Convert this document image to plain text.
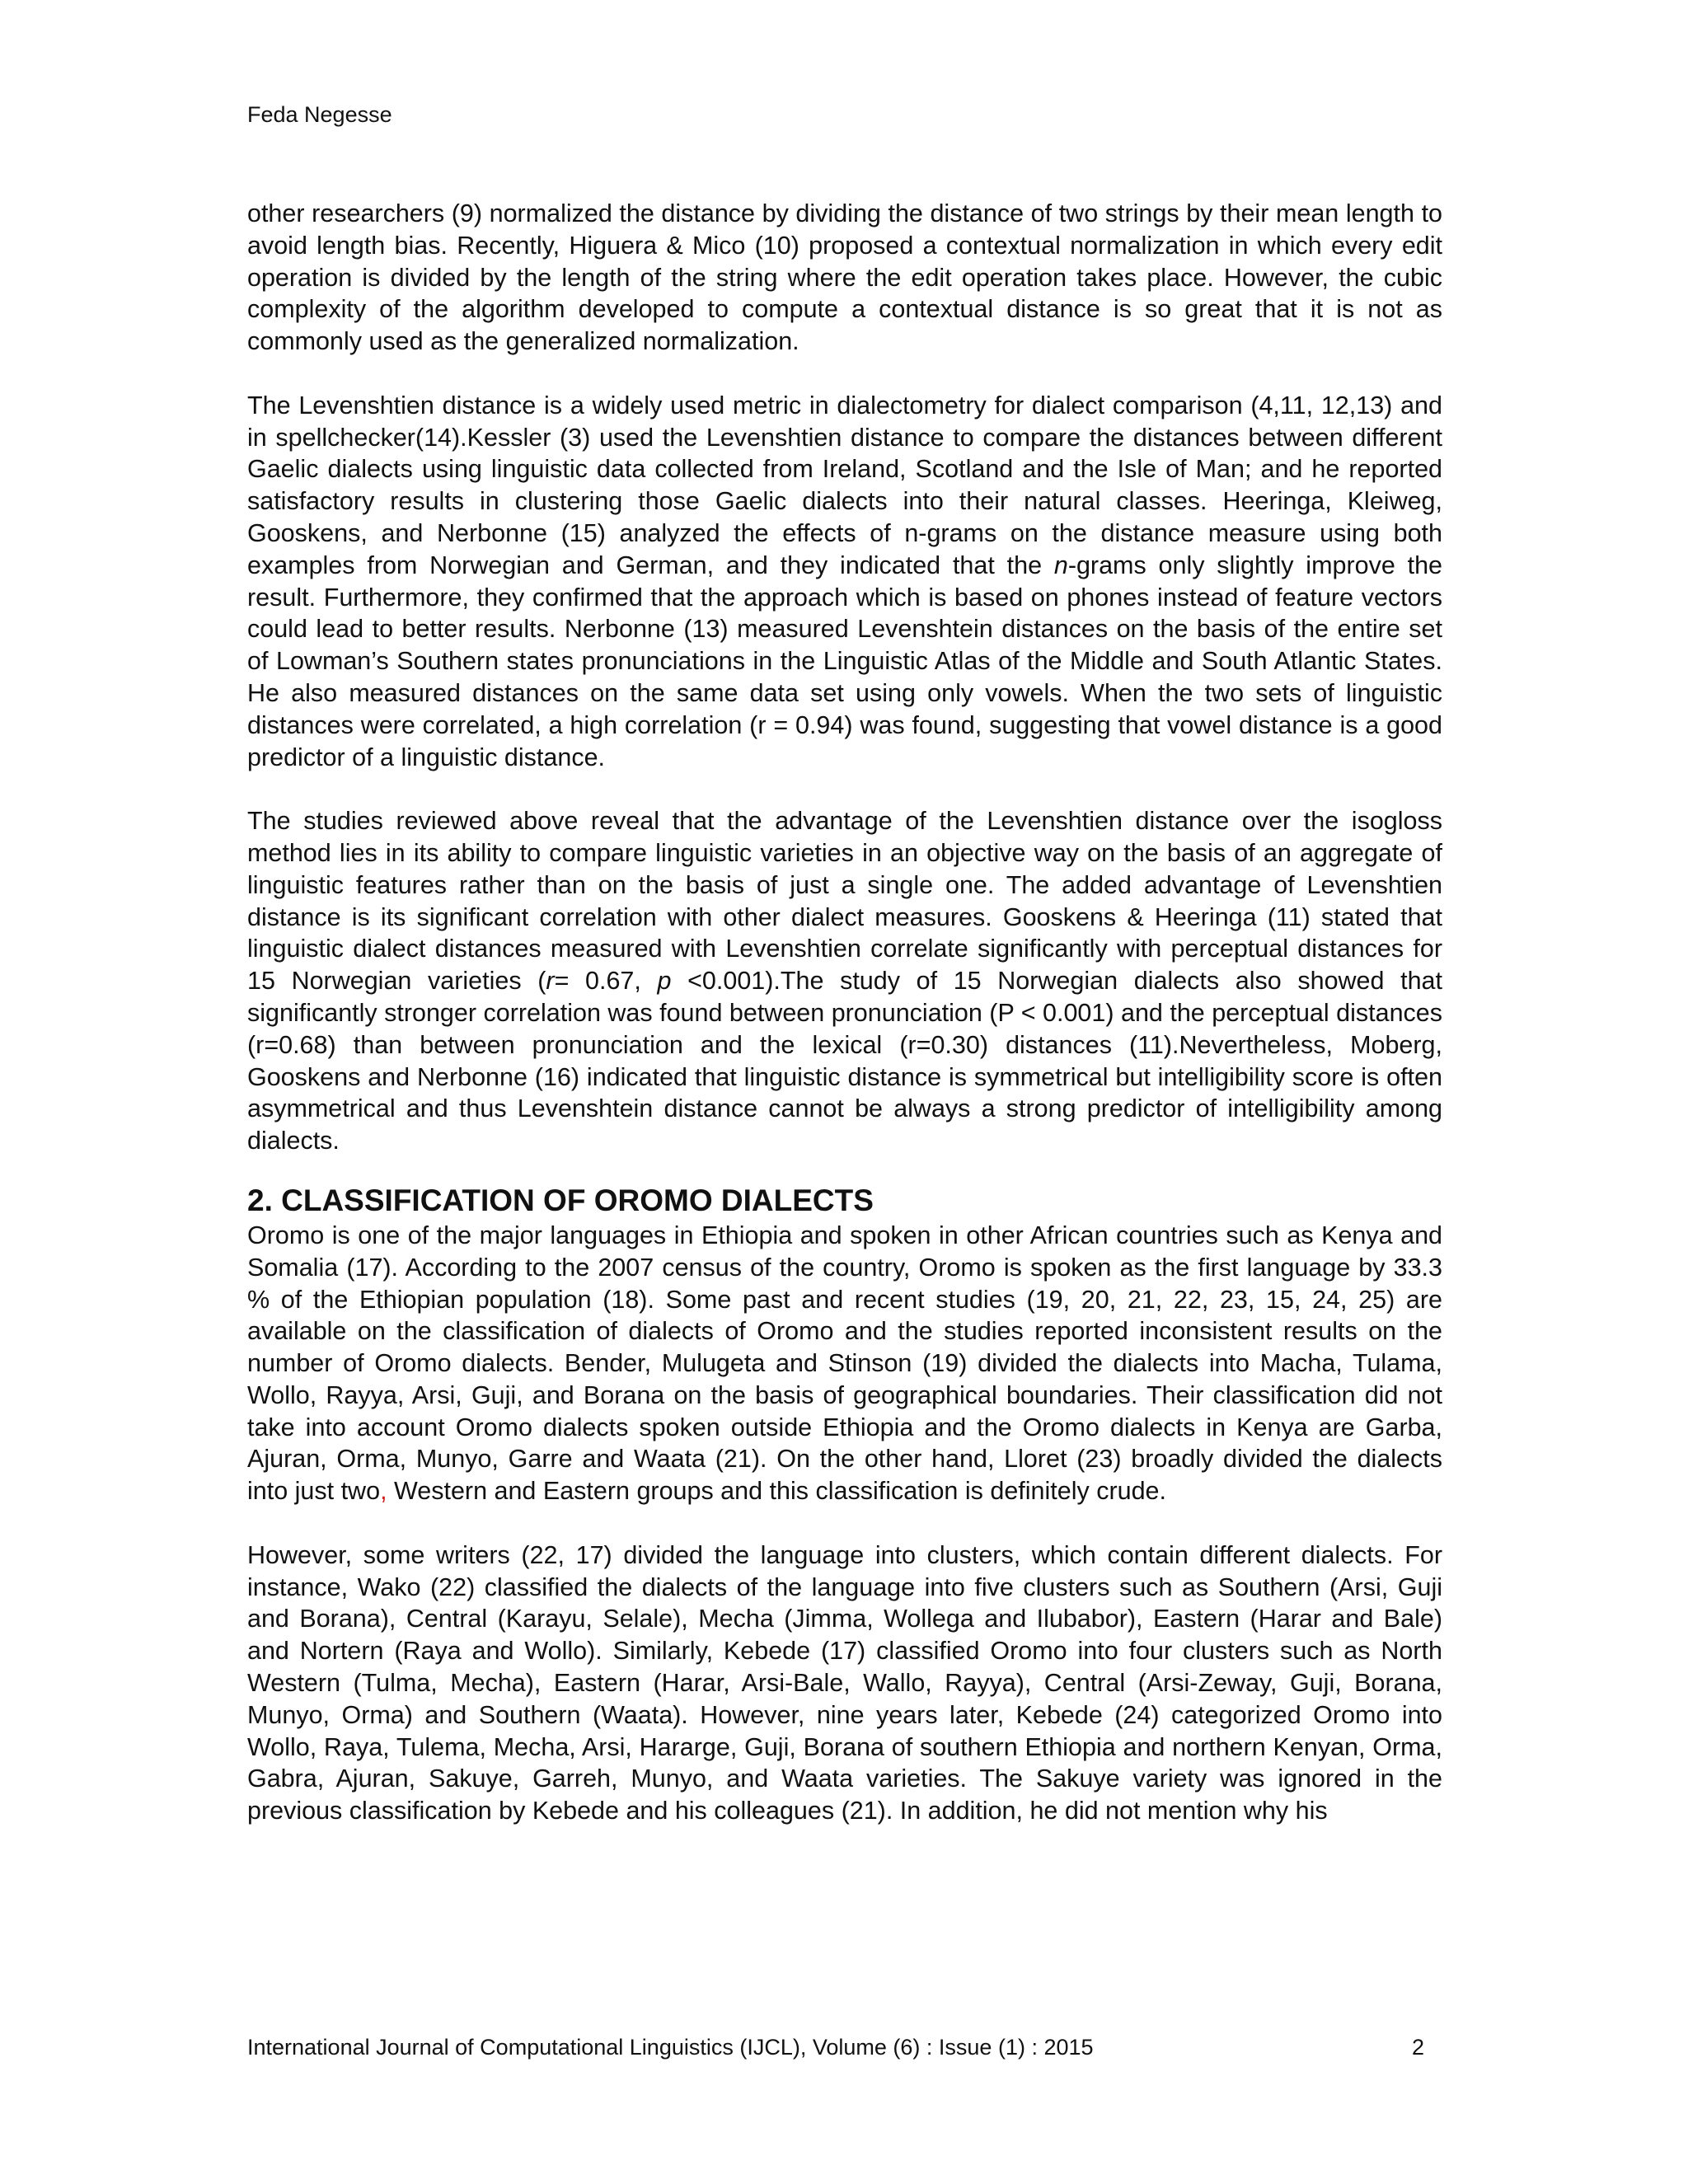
Feda Negesse

other researchers (9) normalized the distance by dividing the distance of two strings by their mean length to avoid length bias. Recently, Higuera & Mico (10) proposed a contextual normalization in which every edit operation is divided by the length of the string where the edit operation takes place. However, the cubic complexity of the algorithm developed to compute a contextual distance is so great that it is not as commonly used as the generalized normalization.

The Levenshtien distance is a widely used metric in dialectometry for dialect comparison (4,11, 12,13) and in spellchecker(14).Kessler (3) used the Levenshtien distance to compare the distances between different Gaelic dialects using linguistic data collected from Ireland, Scotland and the Isle of Man; and he reported satisfactory results in clustering those Gaelic dialects into their natural classes. Heeringa, Kleiweg, Gooskens, and Nerbonne (15) analyzed the effects of n-grams on the distance measure using both examples from Norwegian and German, and they indicated that the n-grams only slightly improve the result. Furthermore, they confirmed that the approach which is based on phones instead of feature vectors could lead to better results. Nerbonne (13) measured Levenshtein distances on the basis of the entire set of Lowman’s Southern states pronunciations in the Linguistic Atlas of the Middle and South Atlantic States. He also measured distances on the same data set using only vowels. When the two sets of linguistic distances were correlated, a high correlation (r = 0.94) was found, suggesting that vowel distance is a good predictor of a linguistic distance.

The studies reviewed above reveal that the advantage of the Levenshtien distance over the isogloss method lies in its ability to compare linguistic varieties in an objective way on the basis of an aggregate of linguistic features rather than on the basis of just a single one. The added advantage of Levenshtien distance is its significant correlation with other dialect measures. Gooskens & Heeringa (11) stated that linguistic dialect distances measured with Levenshtien correlate significantly with perceptual distances for 15 Norwegian varieties (r= 0.67, p <0.001).The study of 15 Norwegian dialects also showed that significantly stronger correlation was found between pronunciation (P < 0.001) and the perceptual distances (r=0.68) than between pronunciation and the lexical (r=0.30) distances (11).Nevertheless, Moberg, Gooskens and Nerbonne (16) indicated that linguistic distance is symmetrical but intelligibility score is often asymmetrical and thus Levenshtein distance cannot be always a strong predictor of intelligibility among dialects.

2. CLASSIFICATION OF OROMO DIALECTS

Oromo is one of the major languages in Ethiopia and spoken in other African countries such as Kenya and Somalia (17). According to the 2007 census of the country, Oromo is spoken as the first language by 33.3 % of the Ethiopian population (18). Some past and recent studies (19, 20, 21, 22, 23, 15, 24, 25) are available on the classification of dialects of Oromo and the studies reported inconsistent results on the number of Oromo dialects. Bender, Mulugeta and Stinson (19) divided the dialects into Macha, Tulama, Wollo, Rayya, Arsi, Guji, and Borana on the basis of geographical boundaries. Their classification did not take into account Oromo dialects spoken outside Ethiopia and the Oromo dialects in Kenya are Garba, Ajuran, Orma, Munyo, Garre and Waata (21). On the other hand, Lloret (23) broadly divided the dialects into just two, Western and Eastern groups and this classification is definitely crude.

However, some writers (22, 17) divided the language into clusters, which contain different dialects. For instance, Wako (22) classified the dialects of the language into five clusters such as Southern (Arsi, Guji and Borana), Central (Karayu, Selale), Mecha (Jimma, Wollega and Ilubabor), Eastern (Harar and Bale) and Nortern (Raya and Wollo). Similarly, Kebede (17) classified Oromo into four clusters such as North Western (Tulma, Mecha), Eastern (Harar, Arsi-Bale, Wallo, Rayya), Central (Arsi-Zeway, Guji, Borana, Munyo, Orma) and Southern (Waata). However, nine years later, Kebede (24) categorized Oromo into Wollo, Raya, Tulema, Mecha, Arsi, Hararge, Guji, Borana of southern Ethiopia and northern Kenyan, Orma, Gabra, Ajuran, Sakuye, Garreh, Munyo, and Waata varieties. The Sakuye variety was ignored in the previous classification by Kebede and his colleagues (21). In addition, he did not mention why his

International Journal of Computational Linguistics (IJCL), Volume (6) : Issue (1) : 2015	2
